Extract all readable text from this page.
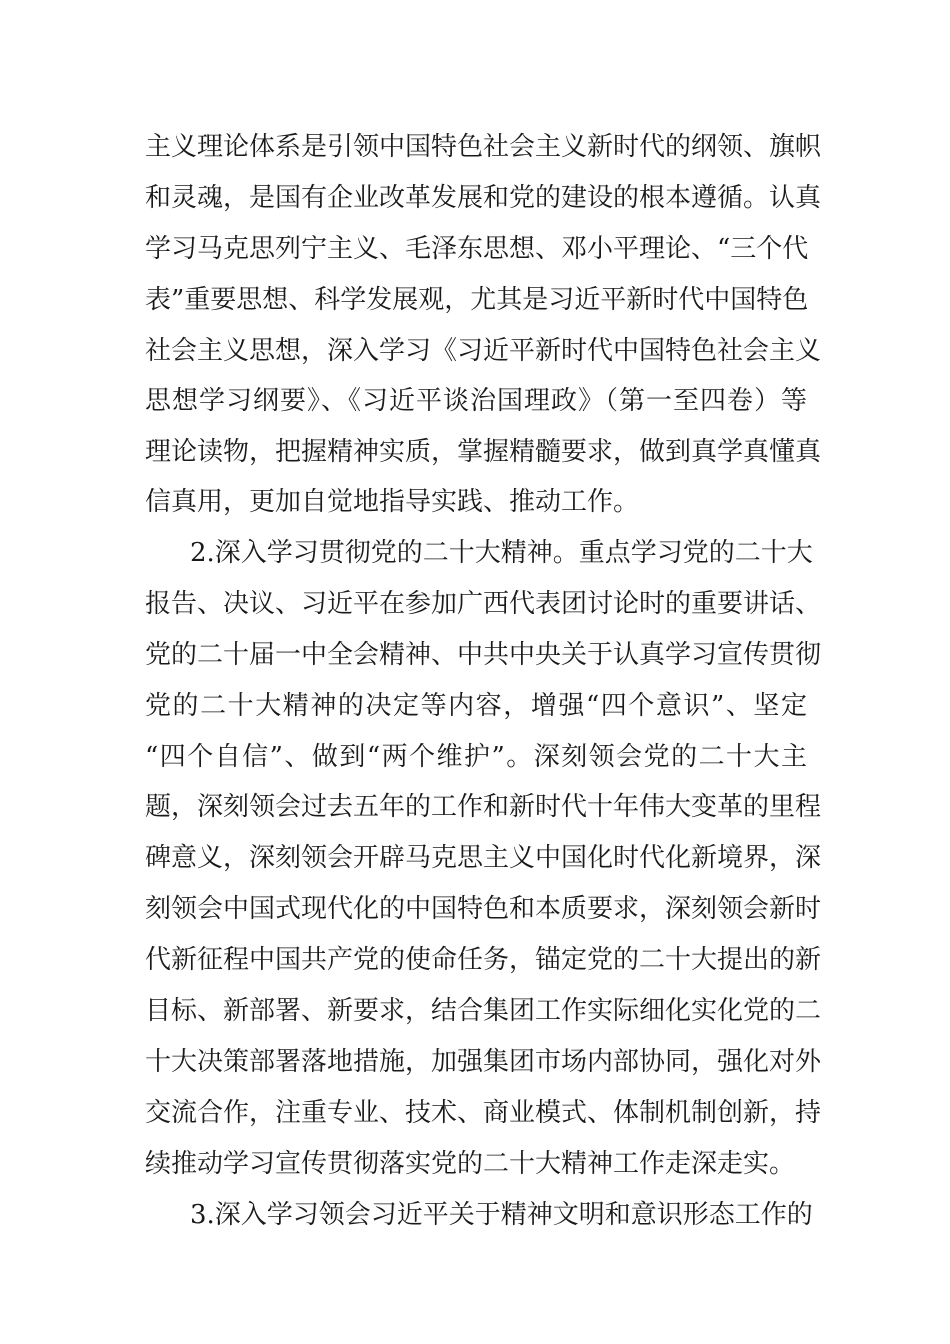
主义理论体系是引领中国特色社会主义新时代的纲领、旗帜
和灵魂，是国有企业改革发展和党的建设的根本遵循。认真
学习马克思列宁主义、毛泽东思想、邓小平理论、“三个代
表”重要思想、科学发展观，尤其是习近平新时代中国特色
社会主义思想，深入学习《习近平新时代中国特色社会主义
思想学习纲要》、《习近平谈治国理政》（第一至四卷）等
理论读物，把握精神实质，掌握精髓要求，做到真学真懂真
信真用，更加自觉地指导实践、推动工作。
2.深入学习贯彻党的二十大精神。重点学习党的二十大
报告、决议、习近平在参加广西代表团讨论时的重要讲话、
党的二十届一中全会精神、中共中央关于认真学习宣传贯彻
党的二十大精神的决定等内容，增强“四个意识”、坚定
“四个自信”、做到“两个维护”。深刻领会党的二十大主
题，深刻领会过去五年的工作和新时代十年伟大变革的里程
碑意义，深刻领会开辟马克思主义中国化时代化新境界，深
刻领会中国式现代化的中国特色和本质要求，深刻领会新时
代新征程中国共产党的使命任务，锚定党的二十大提出的新
目标、新部署、新要求，结合集团工作实际细化实化党的二
十大决策部署落地措施，加强集团市场内部协同，强化对外
交流合作，注重专业、技术、商业模式、体制机制创新，持
续推动学习宣传贯彻落实党的二十大精神工作走深走实。
3.深入学习领会习近平关于精神文明和意识形态工作的
